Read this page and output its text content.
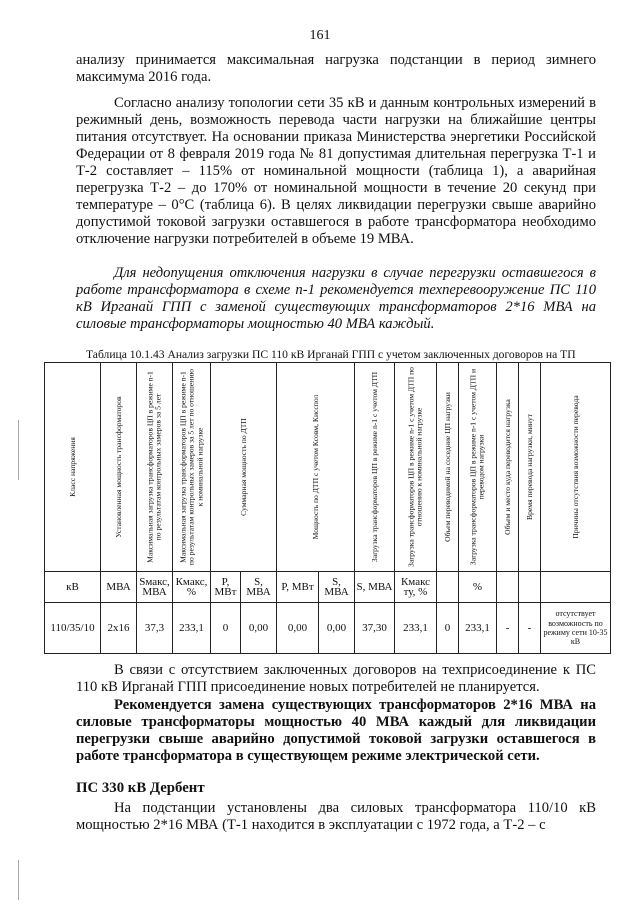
161

анализу принимается максимальная нагрузка подстанции в период зимнего максимума 2016 года.

Согласно анализу топологии сети 35 кВ и данным контрольных измерений в режимный день, возможность перевода части нагрузки на ближайшие центры питания отсутствует. На основании приказа Министерства энергетики Российской Федерации от 8 февраля 2019 года № 81 допустимая длительная перегрузка Т-1 и Т-2 составляет – 115% от номинальной мощности (таблица 1), а аварийная перегрузка Т-2 – до 170% от номинальной мощности в течение 20 секунд при температуре – 0°С (таблица 6). В целях ликвидации перегрузки свыше аварийно допустимой токовой загрузки оставшегося в работе трансформатора необходимо отключение нагрузки потребителей в объеме 19 МВА.

Для недопущения отключения нагрузки в случае перегрузки оставшегося в работе трансформатора в схеме n-1 рекомендуется техперевооружение ПС 110 кВ Ирганай ГПП с заменой существующих трансформаторов 2*16 МВА на силовые трансформаторы мощностью 40 МВА каждый.

Таблица 10.1.43 Анализ загрузки ПС 110 кВ Ирганай ГПП с учетом заключенных договоров на ТП
Класс напряжения	Установленная мощность трансформаторов	Максимальная загрузка трансформаторов ЦП в режиме n-1 по результатам контрольных замеров за 5 лет	Максимальная загрузка трансформаторов ЦП в режиме n-1 по результатам контрольных замеров за 5 лет по отношению к номинальной нагрузке	Суммарная мощность по ДТП		Мощность по ДТП с учетом Ксовм, Кисспол		Загрузка трансформаторов ЦП в режиме n-1 с учетом ДТП	Загрузка трансформаторов ЦП в режиме n-1 с учетом ДТП по отношению к номинальной нагрузке	Объем переводимой на соседние ЦП нагрузки	Загрузка трансформаторов ЦП в режиме n-1 с учетом ДТП и переводом нагрузки	Объем и место куда переводится нагрузка	Время перевода нагрузки, минут	Причины отсутствия возможности перевода

кВ	МВА	Sмакс, МВА	Кмакс, %	P, МВт	S, МВА	P, МВт	S, МВА	S, МВА	Кмакс ту, %		%			
110/35/10	2х16	37,3	233,1	0	0,00	0,00	0,00	37,30	233,1	0	233,1	-	-	отсутствует возможность по режиму сети 10-35 кВ

В связи с отсутствием заключенных договоров на техприсоединение к ПС 110 кВ Ирганай ГПП присоединение новых потребителей не планируется.

Рекомендуется замена существующих трансформаторов 2*16 МВА на силовые трансформаторы мощностью 40 МВА каждый для ликвидации перегрузки свыше аварийно допустимой токовой загрузки оставшегося в работе трансформатора в существующем режиме электрической сети.

ПС 330 кВ Дербент

На подстанции установлены два силовых трансформатора 110/10 кВ мощностью 2*16 МВА (Т-1 находится в эксплуатации с 1972 года, а Т-2 – с
